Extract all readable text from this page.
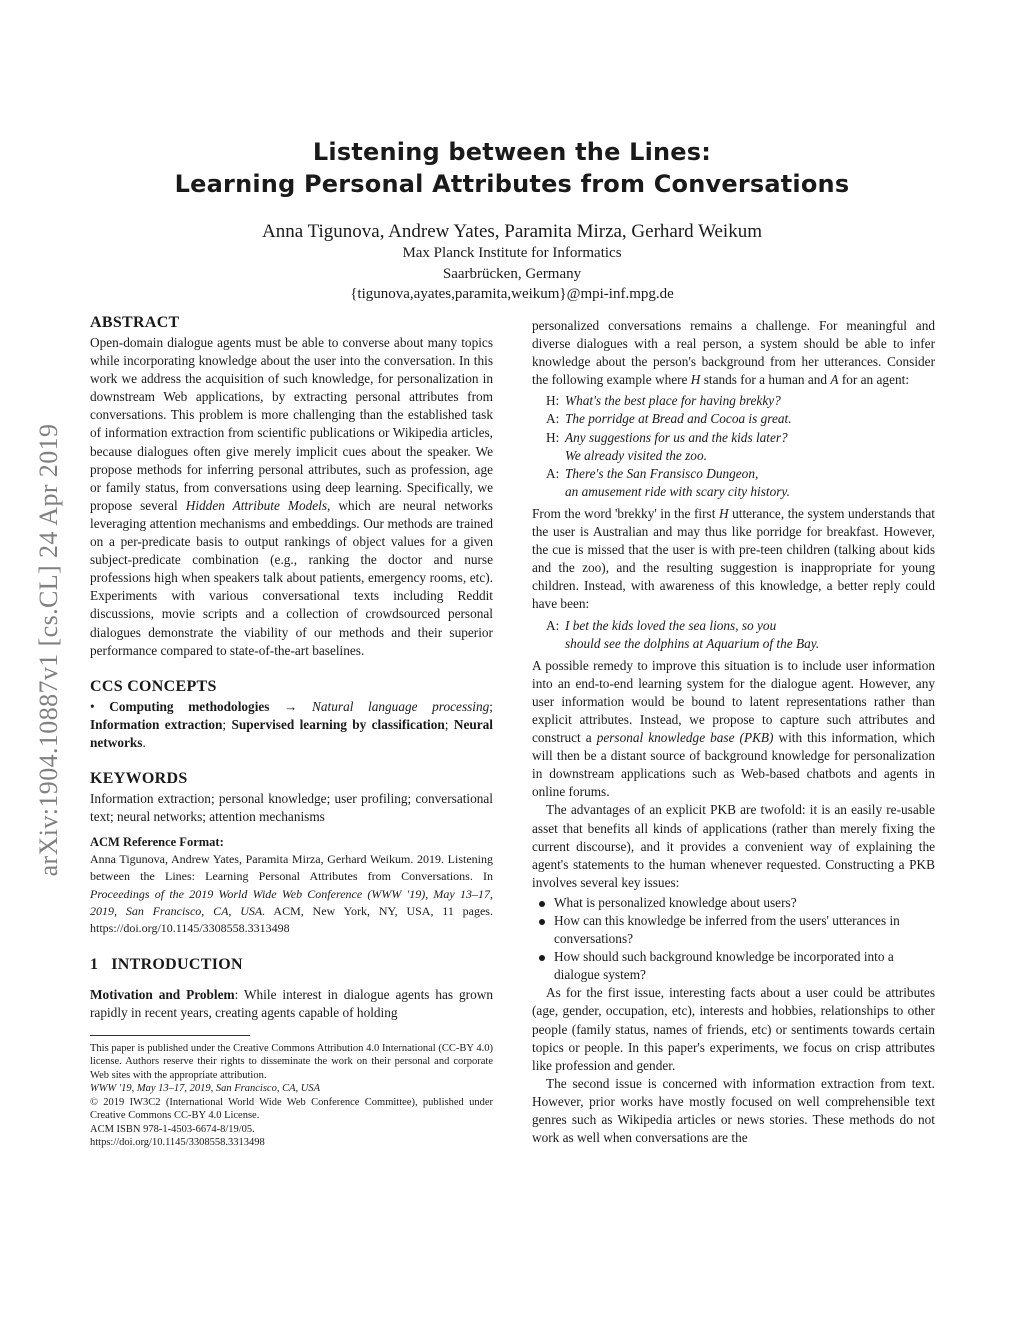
Listening between the Lines:
Learning Personal Attributes from Conversations
Anna Tigunova, Andrew Yates, Paramita Mirza, Gerhard Weikum
Max Planck Institute for Informatics
Saarbrücken, Germany
{tigunova,ayates,paramita,weikum}@mpi-inf.mpg.de
arXiv:1904.10887v1 [cs.CL] 24 Apr 2019
ABSTRACT

Open-domain dialogue agents must be able to converse about many topics while incorporating knowledge about the user into the conversation. In this work we address the acquisition of such knowledge, for personalization in downstream Web applications, by extracting personal attributes from conversations. This problem is more challenging than the established task of information extraction from scientific publications or Wikipedia articles, because dialogues often give merely implicit cues about the speaker. We propose methods for inferring personal attributes, such as profession, age or family status, from conversations using deep learning. Specifically, we propose several Hidden Attribute Models, which are neural networks leveraging attention mechanisms and embeddings. Our methods are trained on a per-predicate basis to output rankings of object values for a given subject-predicate combination (e.g., ranking the doctor and nurse professions high when speakers talk about patients, emergency rooms, etc). Experiments with various conversational texts including Reddit discussions, movie scripts and a collection of crowdsourced personal dialogues demonstrate the viability of our methods and their superior performance compared to state-of-the-art baselines.

CCS CONCEPTS

• Computing methodologies → Natural language processing; Information extraction; Supervised learning by classification; Neural networks.

KEYWORDS

Information extraction; personal knowledge; user profiling; conversational text; neural networks; attention mechanisms

ACM Reference Format:

Anna Tigunova, Andrew Yates, Paramita Mirza, Gerhard Weikum. 2019. Listening between the Lines: Learning Personal Attributes from Conversations. In Proceedings of the 2019 World Wide Web Conference (WWW '19), May 13–17, 2019, San Francisco, CA, USA. ACM, New York, NY, USA, 11 pages. https://doi.org/10.1145/3308558.3313498

1 INTRODUCTION

Motivation and Problem: While interest in dialogue agents has grown rapidly in recent years, creating agents capable of holding

This paper is published under the Creative Commons Attribution 4.0 International (CC-BY 4.0) license. Authors reserve their rights to disseminate the work on their personal and corporate Web sites with the appropriate attribution.

WWW '19, May 13–17, 2019, San Francisco, CA, USA

© 2019 IW3C2 (International World Wide Web Conference Committee), published under Creative Commons CC-BY 4.0 License.

ACM ISBN 978-1-4503-6674-8/19/05.

https://doi.org/10.1145/3308558.3313498

personalized conversations remains a challenge. For meaningful and diverse dialogues with a real person, a system should be able to infer knowledge about the person's background from her utterances. Consider the following example where H stands for a human and A for an agent:

H: What's the best place for having brekky?
A: The porridge at Bread and Cocoa is great.
H: Any suggestions for us and the kids later?
We already visited the zoo.
A: There's the San Fransisco Dungeon,
an amusement ride with scary city history.

From the word 'brekky' in the first H utterance, the system understands that the user is Australian and may thus like porridge for breakfast. However, the cue is missed that the user is with pre-teen children (talking about kids and the zoo), and the resulting suggestion is inappropriate for young children. Instead, with awareness of this knowledge, a better reply could have been:

A: I bet the kids loved the sea lions, so you
should see the dolphins at Aquarium of the Bay.

A possible remedy to improve this situation is to include user information into an end-to-end learning system for the dialogue agent. However, any user information would be bound to latent representations rather than explicit attributes. Instead, we propose to capture such attributes and construct a personal knowledge base (PKB) with this information, which will then be a distant source of background knowledge for personalization in downstream applications such as Web-based chatbots and agents in online forums.

The advantages of an explicit PKB are twofold: it is an easily re-usable asset that benefits all kinds of applications (rather than merely fixing the current discourse), and it provides a convenient way of explaining the agent's statements to the human whenever requested. Constructing a PKB involves several key issues:

What is personalized knowledge about users?
How can this knowledge be inferred from the users' utterances in conversations?
How should such background knowledge be incorporated into a dialogue system?

As for the first issue, interesting facts about a user could be attributes (age, gender, occupation, etc), interests and hobbies, relationships to other people (family status, names of friends, etc) or sentiments towards certain topics or people. In this paper's experiments, we focus on crisp attributes like profession and gender.

The second issue is concerned with information extraction from text. However, prior works have mostly focused on well comprehensible text genres such as Wikipedia articles or news stories. These methods do not work as well when conversations are the
